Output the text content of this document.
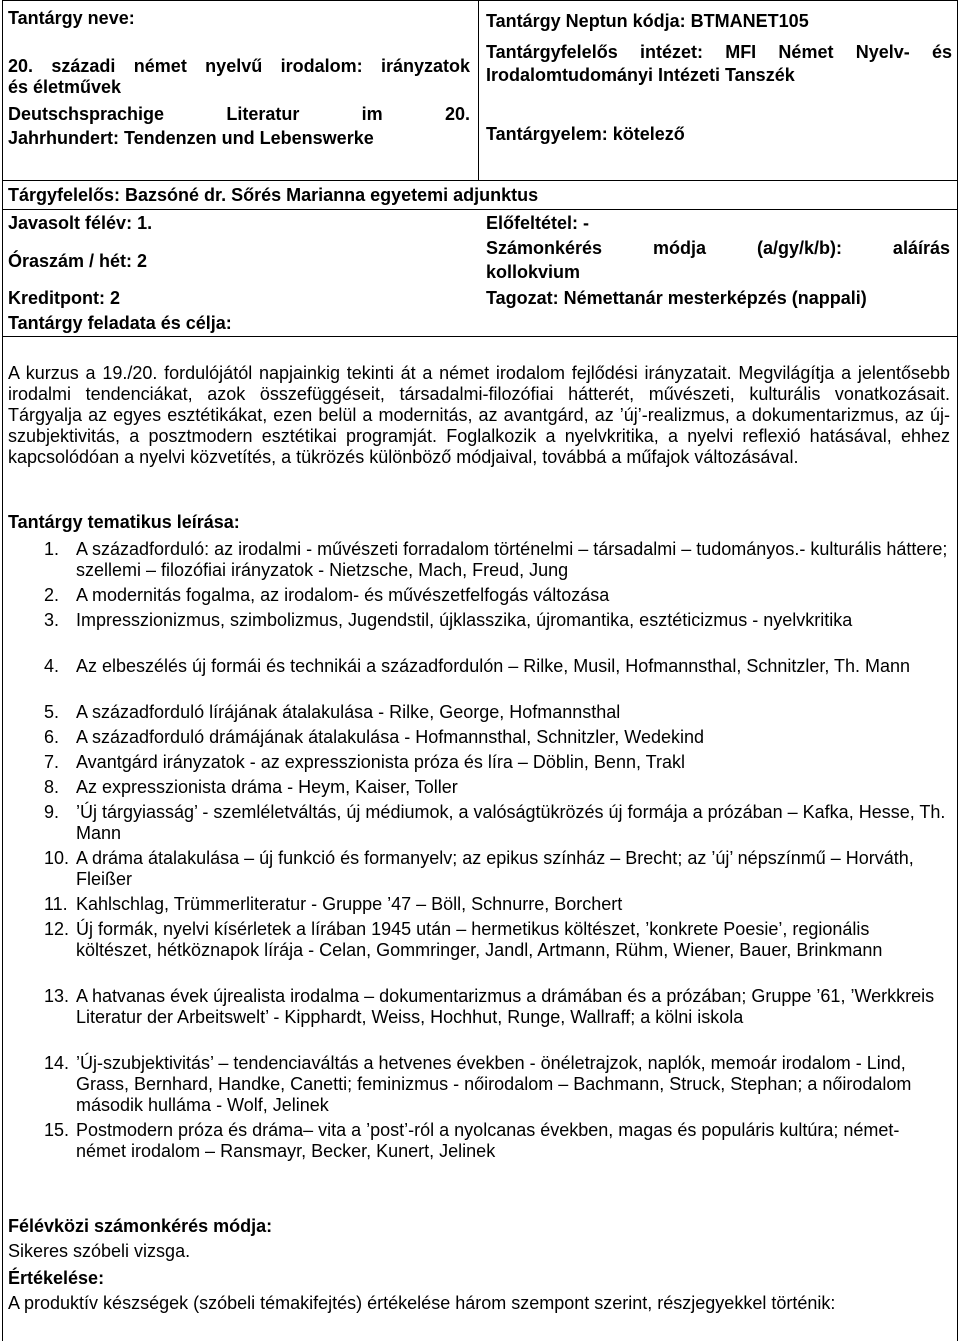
Tantárgy neve:
20. századi német nyelvű irodalom: irányzatok

és életművek
Deutschsprachige Literatur im 20.
Jahrhundert: Tendenzen und Lebenswerke
Tantárgy Neptun kódja: BTMANET105
Tantárgyfelelős intézet: MFI Német Nyelv- és
Irodalomtudományi Intézeti Tanszék
Tantárgyelem: kötelező
Tárgyfelelős: Bazsóné dr. Sőrés Marianna egyetemi adjunktus
Javasolt félév: 1.	Előfeltétel: -
Óraszám / hét: 2
Számonkérés módja (a/gy/k/b): aláírás
kollokvium
Kreditpont: 2	Tagozat: Némettanár mesterképzés (nappali)
Tantárgy feladata és célja:
A kurzus a 19./20. fordulójától napjainkig tekinti át a német irodalom fejlődési irányzatait. Megvilágítja a jelentősebb irodalmi tendenciákat, azok összefüggéseit, társadalmi-filozófiai hátterét, művészeti, kulturális vonatkozásait. Tárgyalja az egyes esztétikákat, ezen belül a modernitás, az avantgárd, az ’új’-realizmus, a dokumentarizmus, az új-szubjektivitás, a posztmodern esztétikai programját. Foglalkozik a nyelvkritika, a nyelvi reflexió hatásával, ehhez kapcsolódóan a nyelvi közvetítés, a tükrözés különböző módjaival, továbbá a műfajok változásával.
Tantárgy tematikus leírása:
1. A századforduló: az irodalmi - művészeti forradalom történelmi – társadalmi – tudományos.- kulturális háttere; szellemi – filozófiai irányzatok - Nietzsche, Mach, Freud, Jung
2. A modernitás fogalma, az irodalom- és művészetfelfogás változása
3. Impresszionizmus, szimbolizmus, Jugendstil, újklasszika, újromantika, esztéticizmus - nyelvkritika
4. Az elbeszélés új formái és technikái a századfordulón – Rilke, Musil, Hofmannsthal, Schnitzler, Th. Mann
5. A századforduló lírájának átalakulása - Rilke, George, Hofmannsthal
6. A századforduló drámájának átalakulása - Hofmannsthal, Schnitzler, Wedekind
7. Avantgárd irányzatok - az expresszionista próza és líra – Döblin, Benn, Trakl
8. Az expresszionista dráma - Heym, Kaiser, Toller
9. ’Új tárgyiasság’ - szemléletváltás, új médiumok, a valóságtükrözés új formája a prózában – Kafka, Hesse, Th. Mann
10. A dráma átalakulása – új funkció és formanyelv; az epikus színház – Brecht; az ’új’ népszínmű – Horváth, Fleißer
11. Kahlschlag, Trümmerliteratur - Gruppe ’47 – Böll, Schnurre, Borchert
12. Új formák, nyelvi kísérletek a lírában 1945 után – hermetikus költészet, ’konkrete Poesie’, regionális költészet, hétköznapok lírája - Celan, Gommringer, Jandl, Artmann, Rühm, Wiener, Bauer, Brinkmann
13. A hatvanas évek újrealista irodalma – dokumentarizmus a drámában és a prózában; Gruppe ’61, ’Werkkreis Literatur der Arbeitswelt’ - Kipphardt, Weiss, Hochhut, Runge, Wallraff; a kölni iskola
14. ’Új-szubjektivitás’ – tendenciaváltás a hetvenes években - önéletrajzok, naplók, memoár irodalom - Lind, Grass, Bernhard, Handke, Canetti; feminizmus - nőirodalom – Bachmann, Struck, Stephan; a nőirodalom második hulláma - Wolf, Jelinek
15. Postmodern próza és dráma– vita a ’post’-ról a nyolcanas években, magas és populáris kultúra; német-német irodalom – Ransmayr, Becker, Kunert, Jelinek
Félévközi számonkérés módja:
Sikeres szóbeli vizsga.
Értékelése:
A produktív készségek (szóbeli témakifejtés) értékelése három szempont szerint, részjegyekkel történik:
